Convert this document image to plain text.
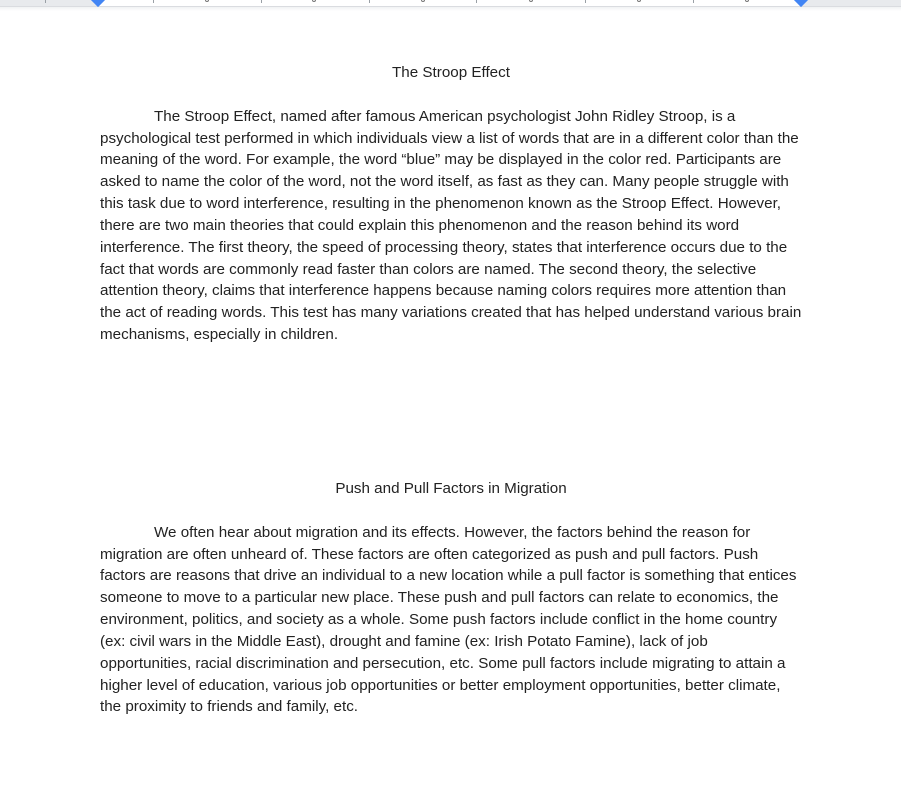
The Stroop Effect

The Stroop Effect, named after famous American psychologist John Ridley Stroop, is a psychological test performed in which individuals view a list of words that are in a different color than the meaning of the word. For example, the word “blue” may be displayed in the color red. Participants are asked to name the color of the word, not the word itself, as fast as they can. Many people struggle with this task due to word interference, resulting in the phenomenon known as the Stroop Effect. However, there are two main theories that could explain this phenomenon and the reason behind its word interference. The first theory, the speed of processing theory, states that interference occurs due to the fact that words are commonly read faster than colors are named. The second theory, the selective attention theory, claims that interference happens because naming colors requires more attention than the act of reading words. This test has many variations created that has helped understand various brain mechanisms, especially in children.

Push and Pull Factors in Migration

We often hear about migration and its effects. However, the factors behind the reason for migration are often unheard of. These factors are often categorized as push and pull factors. Push factors are reasons that drive an individual to a new location while a pull factor is something that entices someone to move to a particular new place. These push and pull factors can relate to economics, the environment, politics, and society as a whole. Some push factors include conflict in the home country (ex: civil wars in the Middle East), drought and famine (ex: Irish Potato Famine), lack of job opportunities, racial discrimination and persecution, etc. Some pull factors include migrating to attain a higher level of education, various job opportunities or better employment opportunities, better climate, the proximity to friends and family, etc.
